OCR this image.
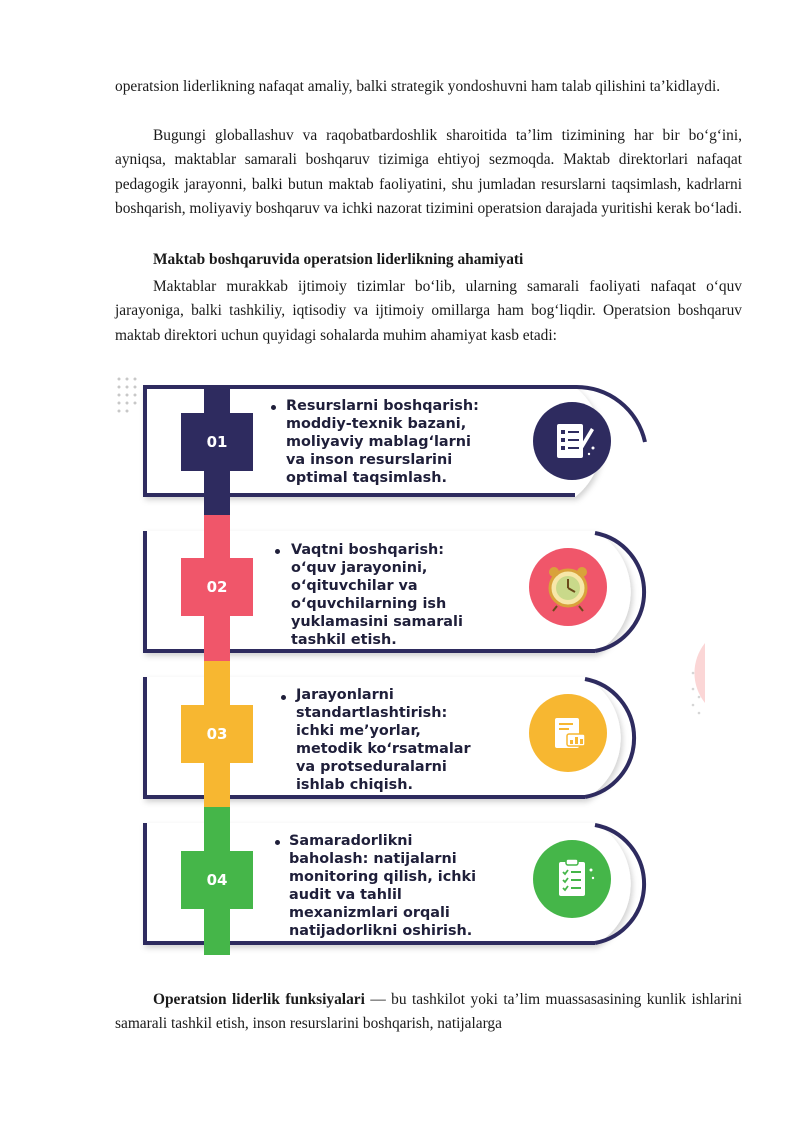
operatsion liderlikning nafaqat amaliy, balki strategik yondoshuvni ham talab qilishini ta’kidlaydi.

Bugungi globallashuv va raqobatbardoshlik sharoitida ta’lim tizimining har bir bo‘g‘ini, ayniqsa, maktablar samarali boshqaruv tizimiga ehtiyoj sezmoqda. Maktab direktorlari nafaqat pedagogik jarayonni, balki butun maktab faoliyatini, shu jumladan resurslarni taqsimlash, kadrlarni boshqarish, moliyaviy boshqaruv va ichki nazorat tizimini operatsion darajada yuritishi kerak bo‘ladi.

Maktab boshqaruvida operatsion liderlikning ahamiyati

Maktablar murakkab ijtimoiy tizimlar bo‘lib, ularning samarali faoliyati nafaqat o‘quv jarayoniga, balki tashkiliy, iqtisodiy va ijtimoiy omillarga ham bog‘liqdir. Operatsion boshqaruv maktab direktori uchun quyidagi sohalarda muhim ahamiyat kasb etadi:

01
02
03
04

Resurslarni boshqarish:
moddiy-texnik bazani,
moliyaviy mablag‘larni
va inson resurslarini
optimal taqsimlash.

Vaqtni boshqarish:
o‘quv jarayonini,
o‘qituvchilar va
o‘quvchilarning ish
yuklamasini samarali
tashkil etish.

Jarayonlarni
standartlashtirish:
ichki me’yorlar,
metodik ko‘rsatmalar
va protseduralarni
ishlab chiqish.

Samaradorlikni
baholash: natijalarni
monitoring qilish, ichki
audit va tahlil
mexanizmlari orqali
natijadorlikni oshirish.

Operatsion liderlik funksiyalari — bu tashkilot yoki ta’lim muassasasining kunlik ishlarini samarali tashkil etish, inson resurslarini boshqarish, natijalarga
